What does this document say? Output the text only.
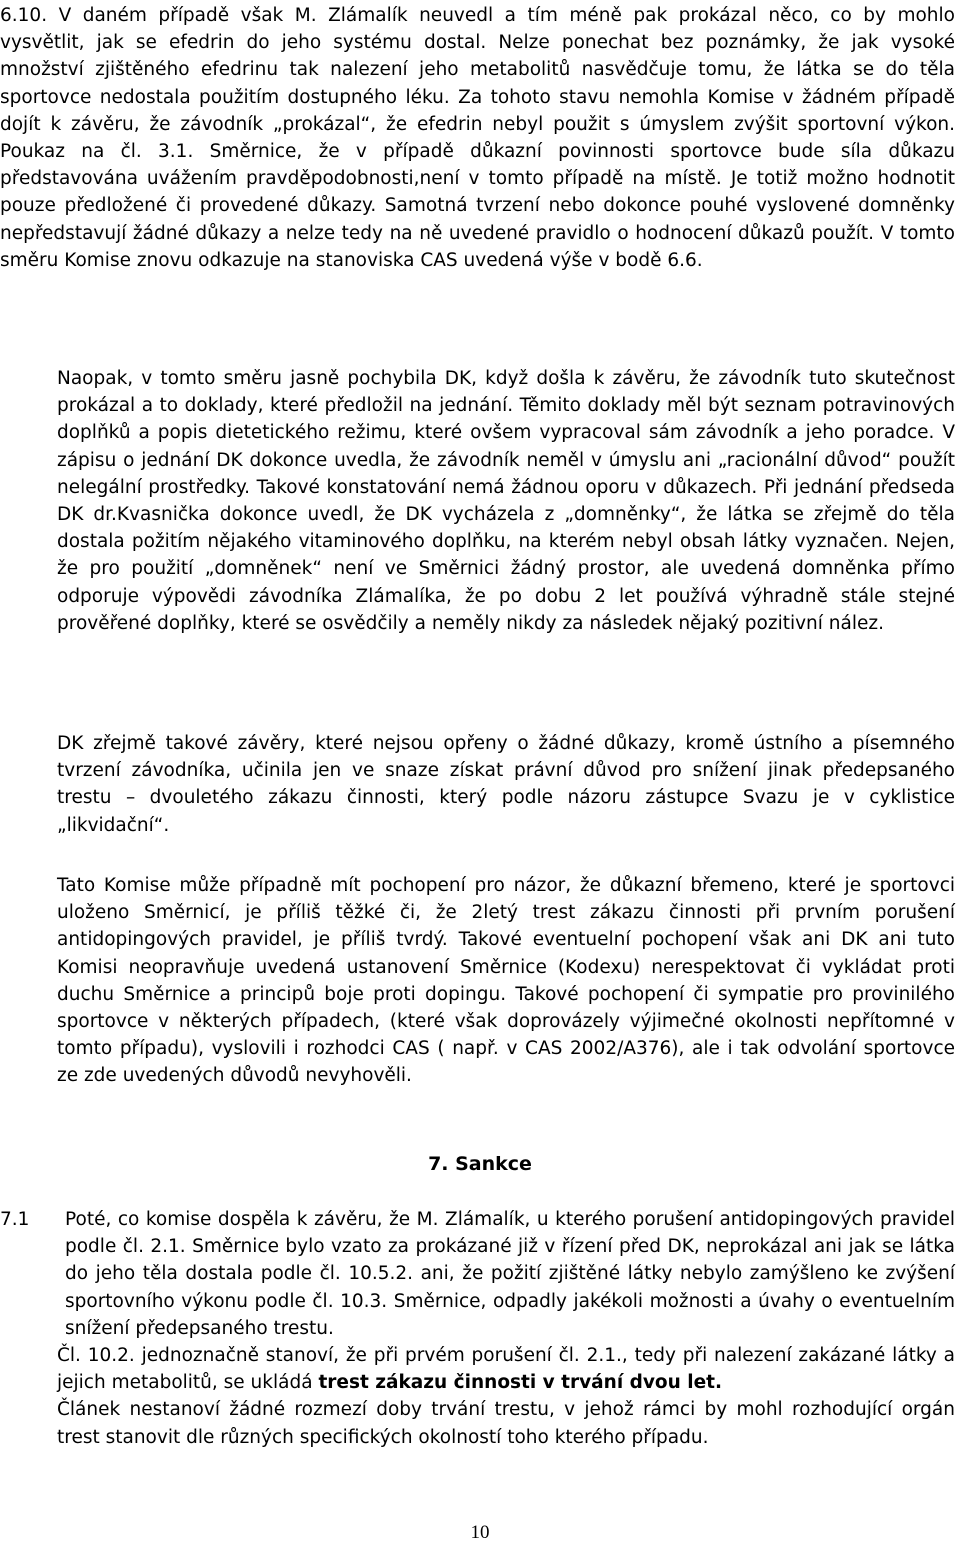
6.10. V daném případě však M. Zlámalík neuvedl a tím méně pak prokázal něco, co by mohlo vysvětlit, jak se efedrin do jeho systému dostal. Nelze ponechat bez poznámky, že jak vysoké množství zjištěného efedrinu tak nalezení jeho metabolitů nasvědčuje tomu, že látka se do těla sportovce nedostala použitím dostupného léku. Za tohoto stavu nemohla Komise v žádném případě dojít k závěru, že závodník „prokázal“, že efedrin nebyl použit s úmyslem zvýšit sportovní výkon. Poukaz na čl. 3.1. Směrnice, že v případě důkazní povinnosti sportovce bude síla důkazu představována uvážením pravděpodobnosti,není v tomto případě na místě. Je totiž možno hodnotit pouze předložené či provedené důkazy. Samotná tvrzení nebo dokonce pouhé vyslovené domněnky nepředstavují žádné důkazy a nelze tedy na ně uvedené pravidlo o hodnocení důkazů použít. V tomto směru Komise znovu odkazuje na stanoviska CAS uvedená výše v bodě 6.6.

Naopak, v tomto směru jasně pochybila DK, když došla k závěru, že závodník tuto skutečnost prokázal a to doklady, které předložil na jednání. Těmito doklady měl být seznam potravinových doplňků a popis dietetického režimu, které ovšem vypracoval sám závodník a jeho poradce. V zápisu o jednání DK dokonce uvedla, že závodník neměl v úmyslu ani „racionální důvod“ použít nelegální prostředky. Takové konstatování nemá žádnou oporu v důkazech. Při jednání předseda DK dr.Kvasnička dokonce uvedl, že DK vycházela z „domněnky“, že látka se zřejmě do těla dostala požitím nějakého vitaminového doplňku, na kterém nebyl obsah látky vyznačen. Nejen, že pro použití „domněnek“ není ve Směrnici žádný prostor, ale uvedená domněnka přímo odporuje výpovědi závodníka Zlámalíka, že po dobu 2 let používá výhradně stále stejné prověřené doplňky, které se osvědčily a neměly nikdy za následek nějaký pozitivní nález.

DK zřejmě takové závěry, které nejsou opřeny o žádné důkazy, kromě ústního a písemného tvrzení závodníka, učinila jen ve snaze získat právní důvod pro snížení jinak předepsaného trestu – dvouletého zákazu činnosti, který podle názoru zástupce Svazu je v cyklistice „likvidační“.

Tato Komise může případně mít pochopení pro názor, že důkazní břemeno, které je sportovci uloženo Směrnicí, je příliš těžké či, že 2letý trest zákazu činnosti při prvním porušení antidopingových pravidel, je příliš tvrdý. Takové eventuelní pochopení však ani DK ani tuto Komisi neopravňuje uvedená ustanovení Směrnice (Kodexu) nerespektovat či vykládat proti duchu Směrnice a principů boje proti dopingu. Takové pochopení či sympatie pro provinilého sportovce v některých případech, (které však doprovázely výjimečné okolnosti nepřítomné v tomto případu), vyslovili i rozhodci CAS ( např. v CAS 2002/A376), ale i tak odvolání sportovce ze zde uvedených důvodů nevyhověli.

7. Sankce
7.1	Poté, co komise dospěla k závěru, že M. Zlámalík, u kterého porušení antidopingových pravidel podle čl. 2.1. Směrnice bylo vzato za prokázané již v řízení před DK, neprokázal ani jak se látka do jeho těla dostala podle čl. 10.5.2. ani, že požití zjištěné látky nebylo zamýšleno ke zvýšení sportovního výkonu podle čl. 10.3. Směrnice, odpadly jakékoli možnosti a úvahy o eventuelním snížení předepsaného trestu.
Čl. 10.2. jednoznačně stanoví, že při prvém porušení čl. 2.1., tedy při nalezení zakázané látky a jejich metabolitů, se ukládá trest zákazu činnosti v trvání dvou let.
Článek nestanoví žádné rozmezí doby trvání trestu, v jehož rámci by mohl rozhodující orgán trest stanovit dle různých specifických okolností toho kterého případu.
10
